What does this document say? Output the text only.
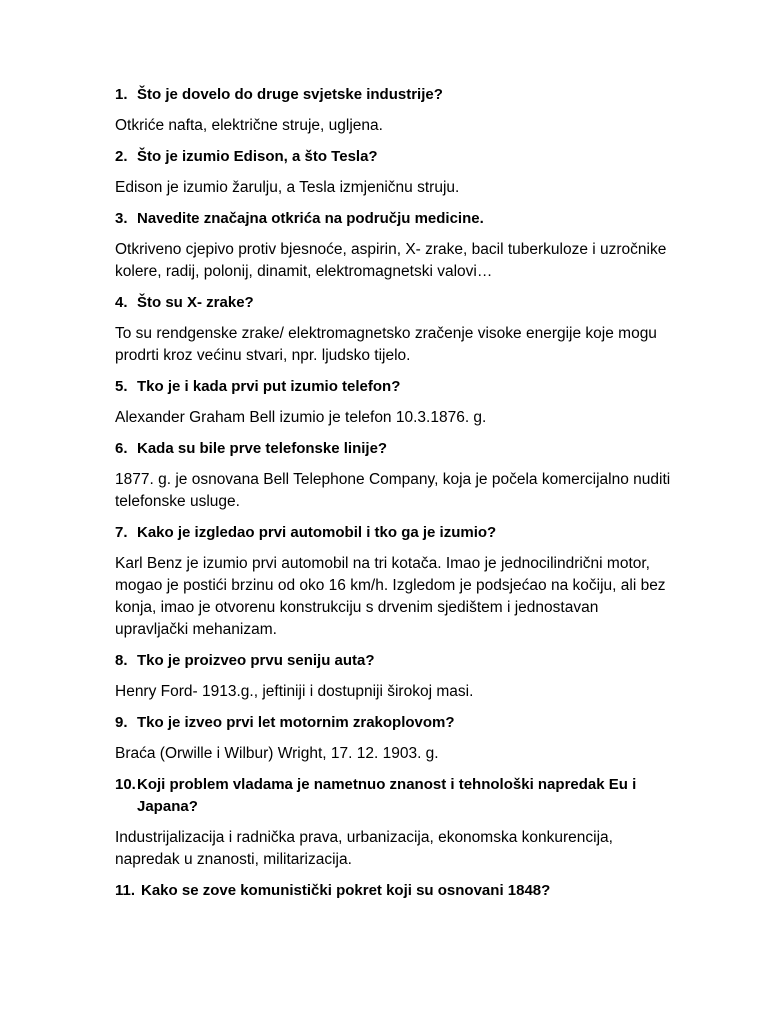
1. Što je dovelo do druge svjetske industrije?
Otkriće nafta, električne struje, ugljena.
2. Što je izumio Edison, a što Tesla?
Edison je izumio žarulju, a Tesla izmjeničnu struju.
3. Navedite značajna otkrića na području medicine.
Otkriveno cjepivo protiv bjesnoće, aspirin, X- zrake, bacil tuberkuloze i uzročnike kolere, radij, polonij, dinamit, elektromagnetski valovi…
4. Što su X- zrake?
To su rendgenske zrake/ elektromagnetsko zračenje visoke energije koje mogu prodrti kroz većinu stvari, npr. ljudsko tijelo.
5. Tko je i kada prvi put izumio telefon?
Alexander Graham Bell izumio je telefon 10.3.1876. g.
6. Kada su bile prve telefonske linije?
1877. g. je osnovana Bell Telephone Company, koja je počela komercijalno nuditi telefonske usluge.
7. Kako je izgledao prvi automobil i tko ga je izumio?
Karl Benz je izumio prvi automobil na tri kotača. Imao je jednocilindrični motor, mogao je postići brzinu od oko 16 km/h. Izgledom je podsjećao na kočiju, ali bez konja, imao je otvorenu konstrukciju s drvenim sjedištem i jednostavan upravljački mehanizam.
8. Tko je proizveo prvu seniju auta?
Henry Ford- 1913.g., jeftiniji i dostupniji širokoj masi.
9. Tko je izveo prvi let motornim zrakoplovom?
Braća (Orwille i Wilbur) Wright, 17. 12. 1903. g.
10. Koji problem vladama je nametnuo znanost i tehnološki napredak Eu i Japana?
Industrijalizacija i radnička prava, urbanizacija, ekonomska konkurencija, napredak u znanosti, militarizacija.
11. Kako se zove komunistički pokret koji su osnovani 1848?
